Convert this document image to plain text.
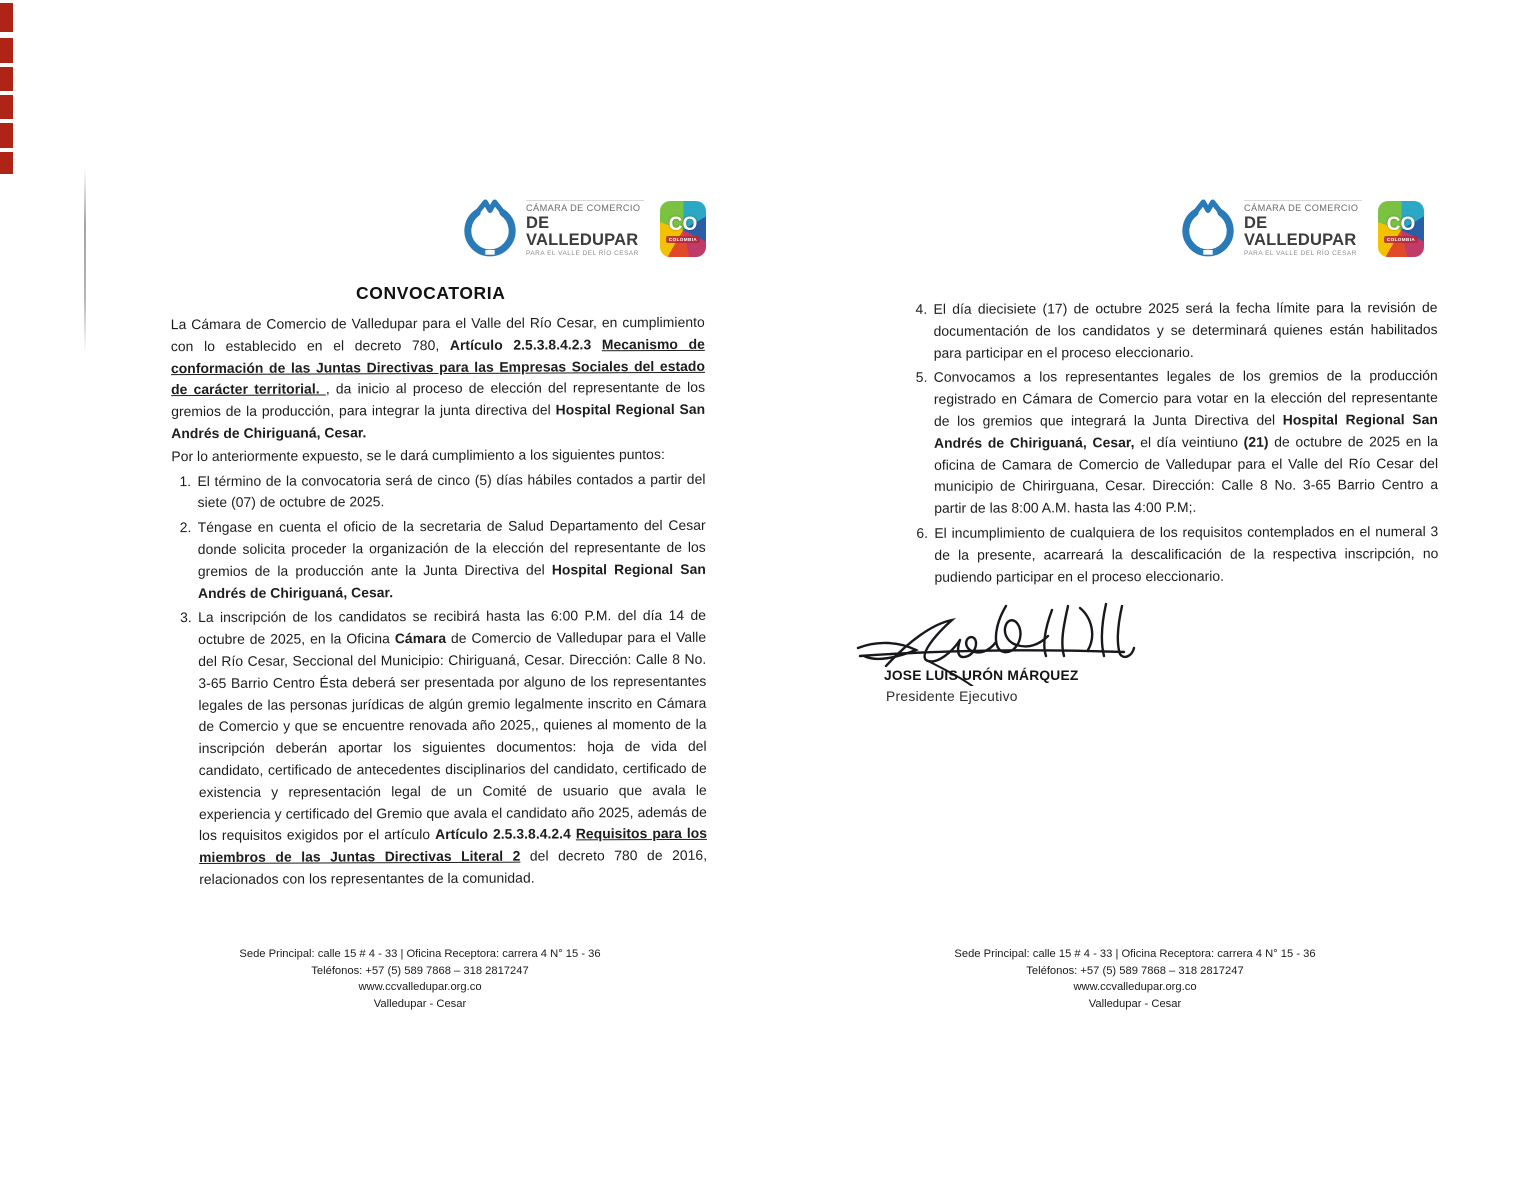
CÁMARA DE COMERCIO
DE VALLEDUPAR
PARA EL VALLE DEL RÍO CESAR
CO
COLOMBIA
CONVOCATORIA

La Cámara de Comercio de Valledupar para el Valle del Río Cesar, en cumplimiento con lo establecido en el decreto 780, Artículo 2.5.3.8.4.2.3 Mecanismo de conformación de las Juntas Directivas para las Empresas Sociales del estado de carácter territorial. , da inicio al proceso de elección del representante de los gremios de la producción, para integrar la junta directiva del Hospital Regional San Andrés de Chiriguaná, Cesar.

Por lo anteriormente expuesto, se le dará cumplimiento a los siguientes puntos:

1. El término de la convocatoria será de cinco (5) días hábiles contados a partir del siete (07) de octubre de 2025.
2. Téngase en cuenta el oficio de la secretaria de Salud Departamento del Cesar donde solicita proceder la organización de la elección del representante de los gremios de la producción ante la Junta Directiva del Hospital Regional San Andrés de Chiriguaná, Cesar.
3. La inscripción de los candidatos se recibirá hasta las 6:00 P.M. del día 14 de octubre de 2025, en la Oficina Cámara de Comercio de Valledupar para el Valle del Río Cesar, Seccional del Municipio: Chiriguaná, Cesar. Dirección: Calle 8 No. 3-65 Barrio Centro Ésta deberá ser presentada por alguno de los representantes legales de las personas jurídicas de algún gremio legalmente inscrito en Cámara de Comercio y que se encuentre renovada año 2025,, quienes al momento de la inscripción deberán aportar los siguientes documentos: hoja de vida del candidato, certificado de antecedentes disciplinarios del candidato, certificado de existencia y representación legal de un Comité de usuario que avala le experiencia y certificado del Gremio que avala el candidato año 2025, además de los requisitos exigidos por el artículo Artículo 2.5.3.8.4.2.4 Requisitos para los miembros de las Juntas Directivas Literal 2 del decreto 780 de 2016, relacionados con los representantes de la comunidad.
Sede Principal: calle 15 # 4 - 33 | Oficina Receptora: carrera 4 N° 15 - 36
Teléfonos: +57 (5) 589 7868 – 318 2817247
www.ccvalledupar.org.co
Valledupar - Cesar
CÁMARA DE COMERCIO
DE VALLEDUPAR
PARA EL VALLE DEL RÍO CESAR
CO
COLOMBIA
4. El día diecisiete (17) de octubre 2025 será la fecha límite para la revisión de documentación de los candidatos y se determinará quienes están habilitados para participar en el proceso eleccionario.
5. Convocamos a los representantes legales de los gremios de la producción registrado en Cámara de Comercio para votar en la elección del representante de los gremios que integrará la Junta Directiva del Hospital Regional San Andrés de Chiriguaná, Cesar, el día veintiuno (21) de octubre de 2025 en la oficina de Camara de Comercio de Valledupar para el Valle del Río Cesar del municipio de Chirirguana, Cesar. Dirección: Calle 8 No. 3-65 Barrio Centro a partir de las 8:00 A.M. hasta las 4:00 P.M;.
6. El incumplimiento de cualquiera de los requisitos contemplados en el numeral 3 de la presente, acarreará la descalificación de la respectiva inscripción, no pudiendo participar en el proceso eleccionario.
JOSE LUIS URÓN MÁRQUEZ
Presidente Ejecutivo
Sede Principal: calle 15 # 4 - 33 | Oficina Receptora: carrera 4 N° 15 - 36
Teléfonos: +57 (5) 589 7868 – 318 2817247
www.ccvalledupar.org.co
Valledupar - Cesar
